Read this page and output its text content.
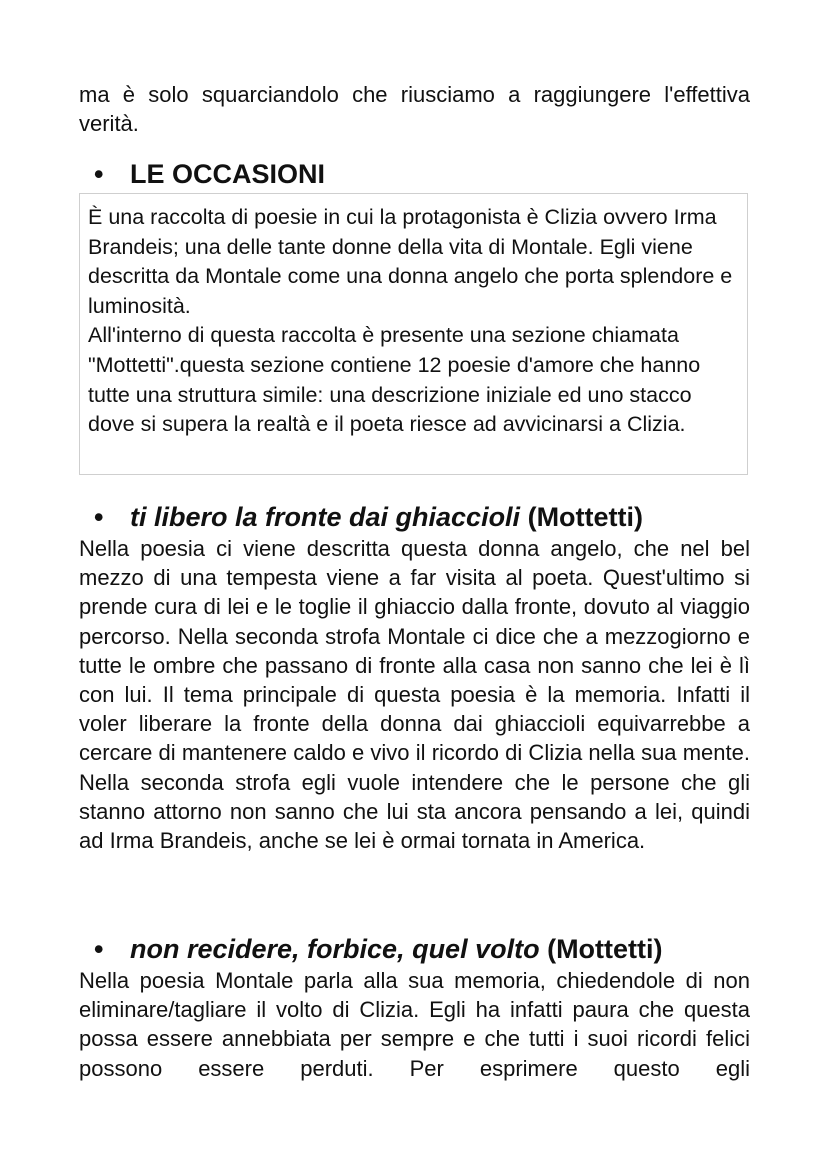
ma è solo squarciandolo che riusciamo a raggiungere l'effettiva verità.

• LE OCCASIONI

È una raccolta di poesie in cui la protagonista è Clizia ovvero Irma Brandeis; una delle tante donne della vita di Montale. Egli viene descritta da Montale come una donna angelo che porta splendore e luminosità.
All'interno di questa raccolta è presente una sezione chiamata "Mottetti".questa sezione contiene 12 poesie d'amore che hanno tutte una struttura simile: una descrizione iniziale ed uno stacco dove si supera la realtà e il poeta riesce ad avvicinarsi a Clizia.

• ti libero la fronte dai ghiaccioli (Mottetti)

Nella poesia ci viene descritta questa donna angelo, che nel bel mezzo di una tempesta viene a far visita al poeta. Quest'ultimo si prende cura di lei e le toglie il ghiaccio dalla fronte, dovuto al viaggio percorso. Nella seconda strofa Montale ci dice che a mezzogiorno e tutte le ombre che passano di fronte alla casa non sanno che lei è lì con lui. Il tema principale di questa poesia è la memoria. Infatti il voler liberare la fronte della donna dai ghiaccioli equivarrebbe a cercare di mantenere caldo e vivo il ricordo di Clizia nella sua mente. Nella seconda strofa egli vuole intendere che le persone che gli stanno attorno non sanno che lui sta ancora pensando a lei, quindi ad Irma Brandeis, anche se lei è ormai tornata in America.

• non recidere, forbice, quel volto (Mottetti)

Nella poesia Montale parla alla sua memoria, chiedendole di non eliminare/tagliare il volto di Clizia. Egli ha infatti paura che questa possa essere annebbiata per sempre e che tutti i suoi ricordi felici possono essere perduti. Per esprimere questo egli
